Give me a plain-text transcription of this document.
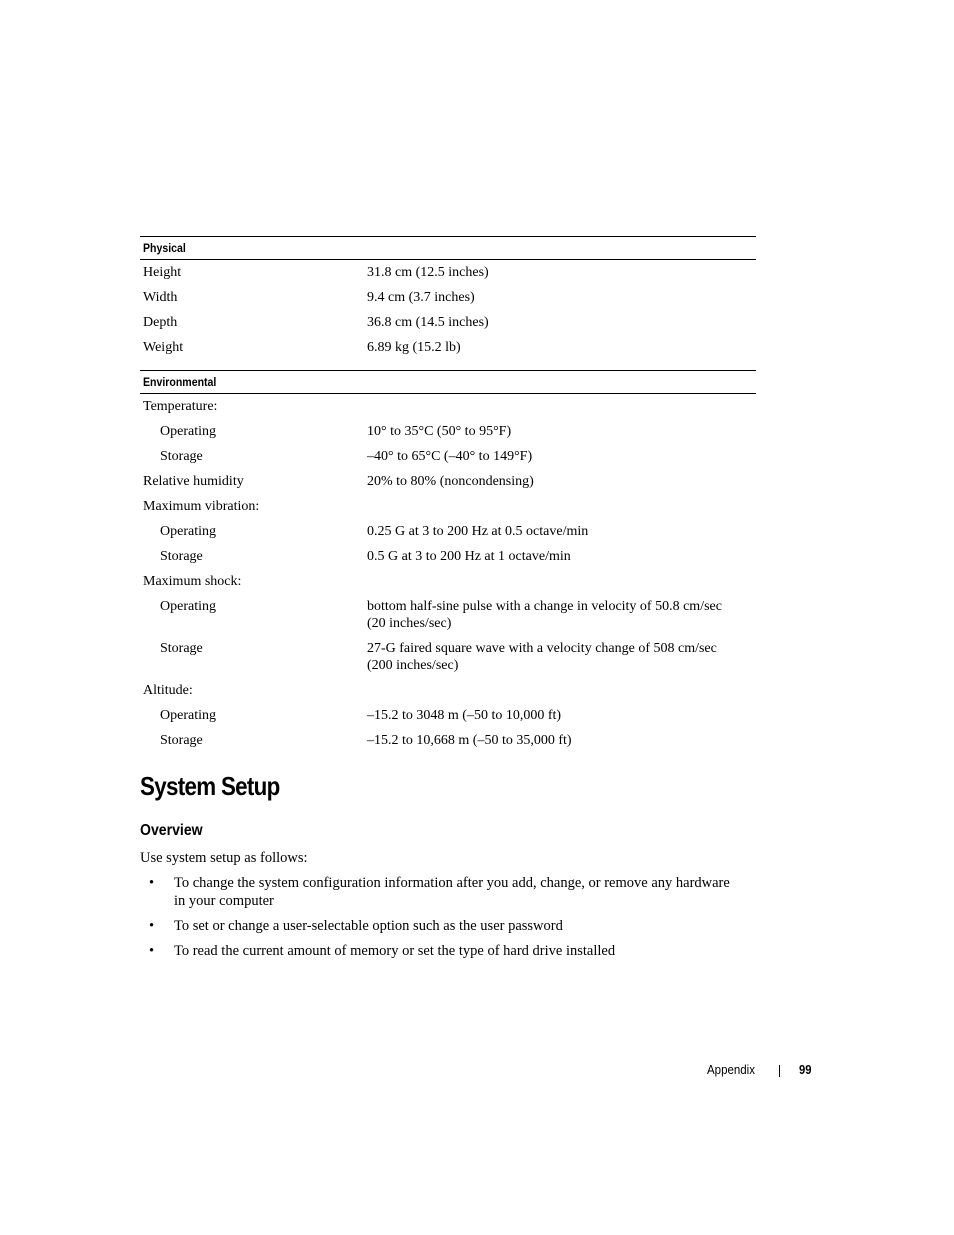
Physical
Height	31.8 cm (12.5 inches)
Width	9.4 cm (3.7 inches)
Depth	36.8 cm (14.5 inches)
Weight	6.89 kg (15.2 lb)
Environmental
Temperature:
Operating	10° to 35°C (50° to 95°F)
Storage	–40° to 65°C (–40° to 149°F)
Relative humidity	20% to 80% (noncondensing)
Maximum vibration:
Operating	0.25 G at 3 to 200 Hz at 0.5 octave/min
Storage	0.5 G at 3 to 200 Hz at 1 octave/min
Maximum shock:
Operating	bottom half-sine pulse with a change in velocity of 50.8 cm/sec
(20 inches/sec)
Storage	27-G faired square wave with a velocity change of 508 cm/sec
(200 inches/sec)
Altitude:
Operating	–15.2 to 3048 m (–50 to 10,000 ft)
Storage	–15.2 to 10,668 m (–50 to 35,000 ft)
System Setup
Overview
Use system setup as follows:
• To change the system configuration information after you add, change, or remove any hardware in your computer
• To set or change a user-selectable option such as the user password
• To read the current amount of memory or set the type of hard drive installed
Appendix	99
